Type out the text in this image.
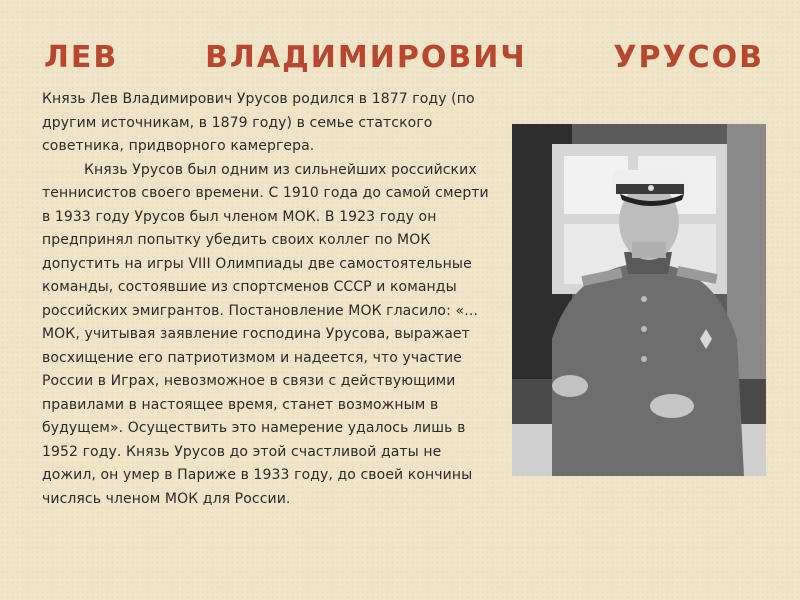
ЛЕВ	ВЛАДИМИРОВИЧ	УРУСОВ

Князь Лев Владимирович Урусов родился в 1877 году (по другим источникам, в 1879 году) в семье статского советника, придворного камергера.

Князь Урусов был одним из сильнейших российских теннисистов своего времени. С 1910 года до самой смерти в 1933 году Урусов был членом МОК. В 1923 году он предпринял попытку убедить своих коллег по МОК допустить на игры VIII Олимпиады две самостоятельные команды, состоявшие из спортсменов СССР и команды российских эмигрантов. Постановление МОК гласило: «… МОК, учитывая заявление господина Урусова, выражает восхищение его патриотизмом и надеется, что участие России в Играх, невозможное в связи с действующими правилами в настоящее время, станет возможным в будущем». Осуществить это намерение удалось лишь в 1952 году. Князь Урусов до этой счастливой даты не дожил, он умер в Париже в 1933 году, до своей кончины числясь членом МОК для России.
